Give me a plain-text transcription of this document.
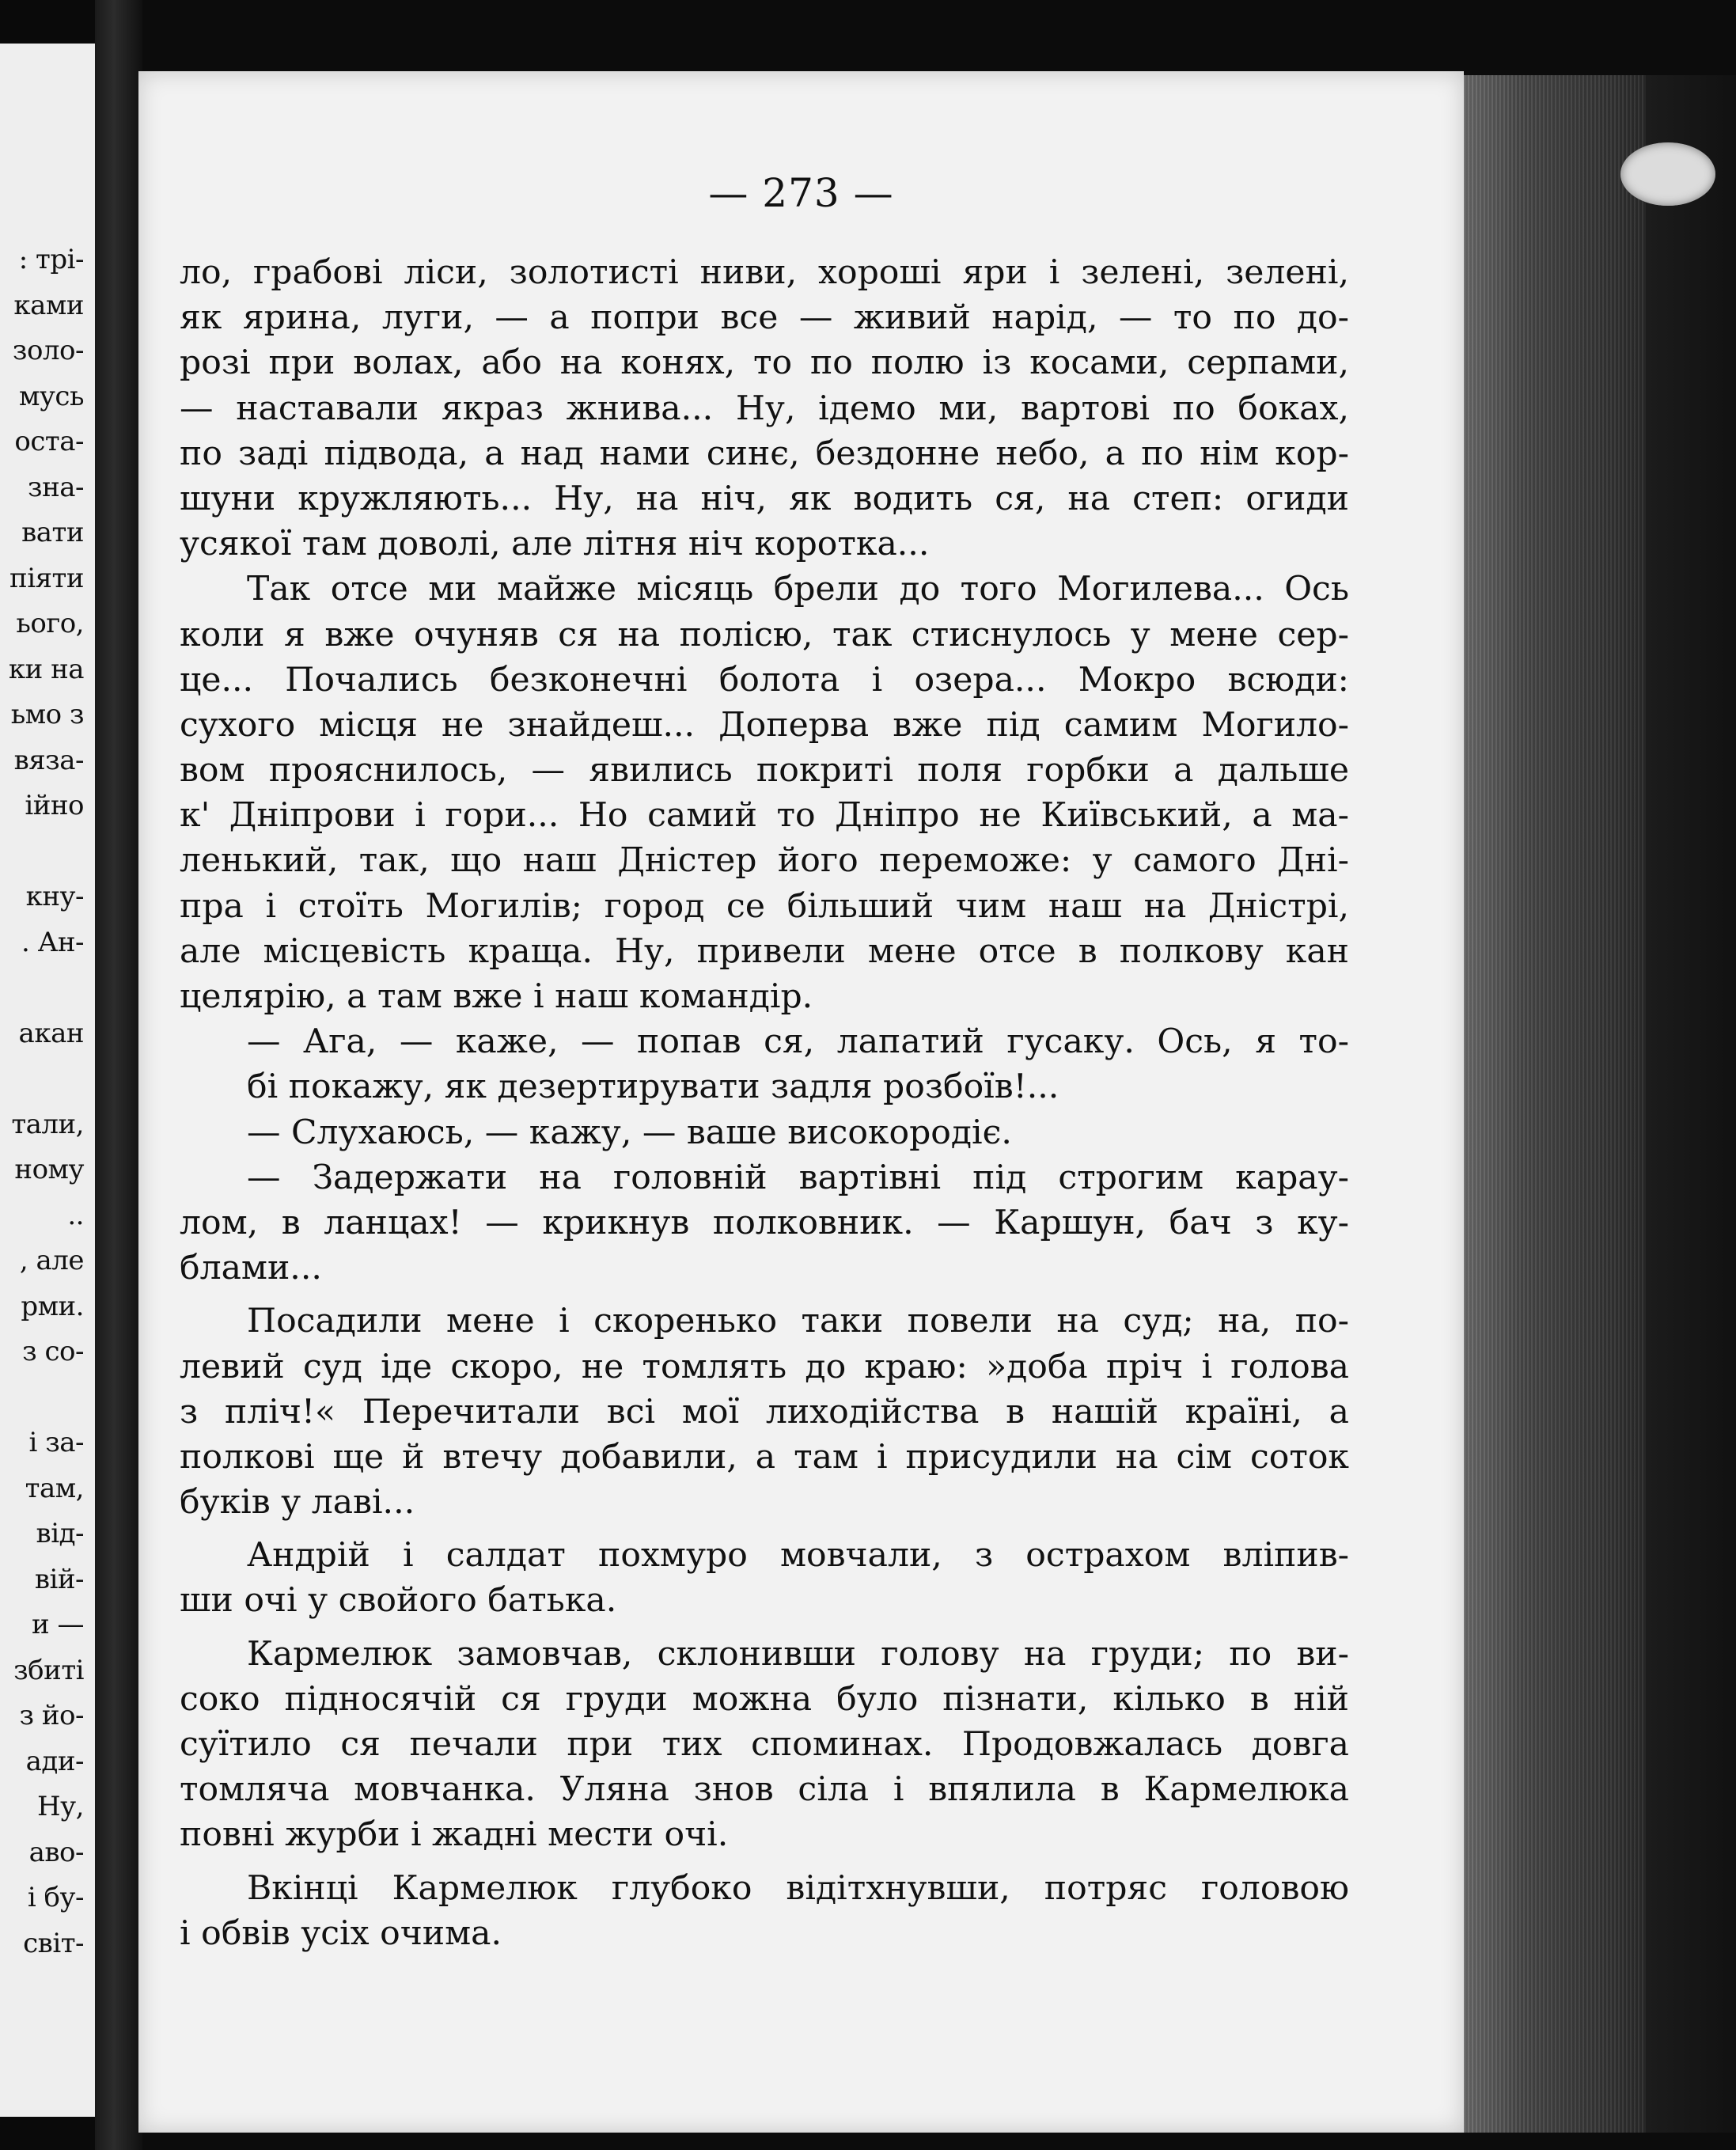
: трі-
ками
золо-
мусь
оста-
зна-
вати
піяти
ього,
ки на
ьмо з
вяза-
ійно
кну-
. Ан-
акан
тали,
ному
..
, але
рми.
з со-
і за-
там,
від-
вій-
и —
збиті
з йо-
ади-
Ну,
аво-
і бу-
світ-
— 273 —
ло, грабові ліси, золотисті ниви, хороші яри і зелені, зелені,
як ярина, луги, — а попри все — живий нарід, — то по до-
розі при волах, або на конях, то по полю із косами, серпами,
— наставали якраз жнива... Ну, ідемо ми, вартові по боках,
по заді підвода, а над нами синє, бездонне небо, а по нім кор-
шуни кружляють... Ну, на ніч, як водить ся, на степ: огиди
усякої там доволі, але літня ніч коротка...
Так отсе ми майже місяць брели до того Могилева... Ось
коли я вже очуняв ся на полісю, так стиснулось у мене сер-
це... Почались безконечні болота і озера... Мокро всюди:
сухого місця не знайдеш... Доперва вже під самим Могило-
вом прояснилось, — явились покриті поля горбки а дальше
к' Дніпрови і гори... Но самий то Дніпро не Київський, а ма-
ленький, так, що наш Дністер його переможе: у самого Дні-
пра і стоїть Могилів; город се більший чим наш на Дністрі,
але місцевість краща. Ну, привели мене отсе в полкову кан
целярію, а там вже і наш командір.
— Ага, — каже, — попав ся, лапатий гусаку. Ось, я то-
бі покажу, як дезертирувати задля розбоїв!...
— Слухаюсь, — кажу, — ваше високородіє.
— Задержати на головній вартівні під строгим карау-
лом, в ланцах! — крикнув полковник. — Каршун, бач з ку-
блами...
Посадили мене і скоренько таки повели на суд; на, по-
левий суд іде скоро, не томлять до краю: »доба пріч і голова
з пліч!« Перечитали всі мої лиходійства в нашій країні, а
полкові ще й втечу добавили, а там і присудили на сім соток
буків у лаві...
Андрій і салдат похмуро мовчали, з острахом вліпив-
ши очі у свойого батька.
Кармелюк замовчав, склонивши голову на груди; по ви-
соко підносячій ся груди можна було пізнати, кілько в ній
суїтило ся печали при тих споминах. Продовжалась довга
томляча мовчанка. Уляна знов сіла і впялила в Кармелюка
повні журби і жадні мести очі.
Вкінці Кармелюк глубоко відітхнувши, потряс головою
і обвів усіх очима.
